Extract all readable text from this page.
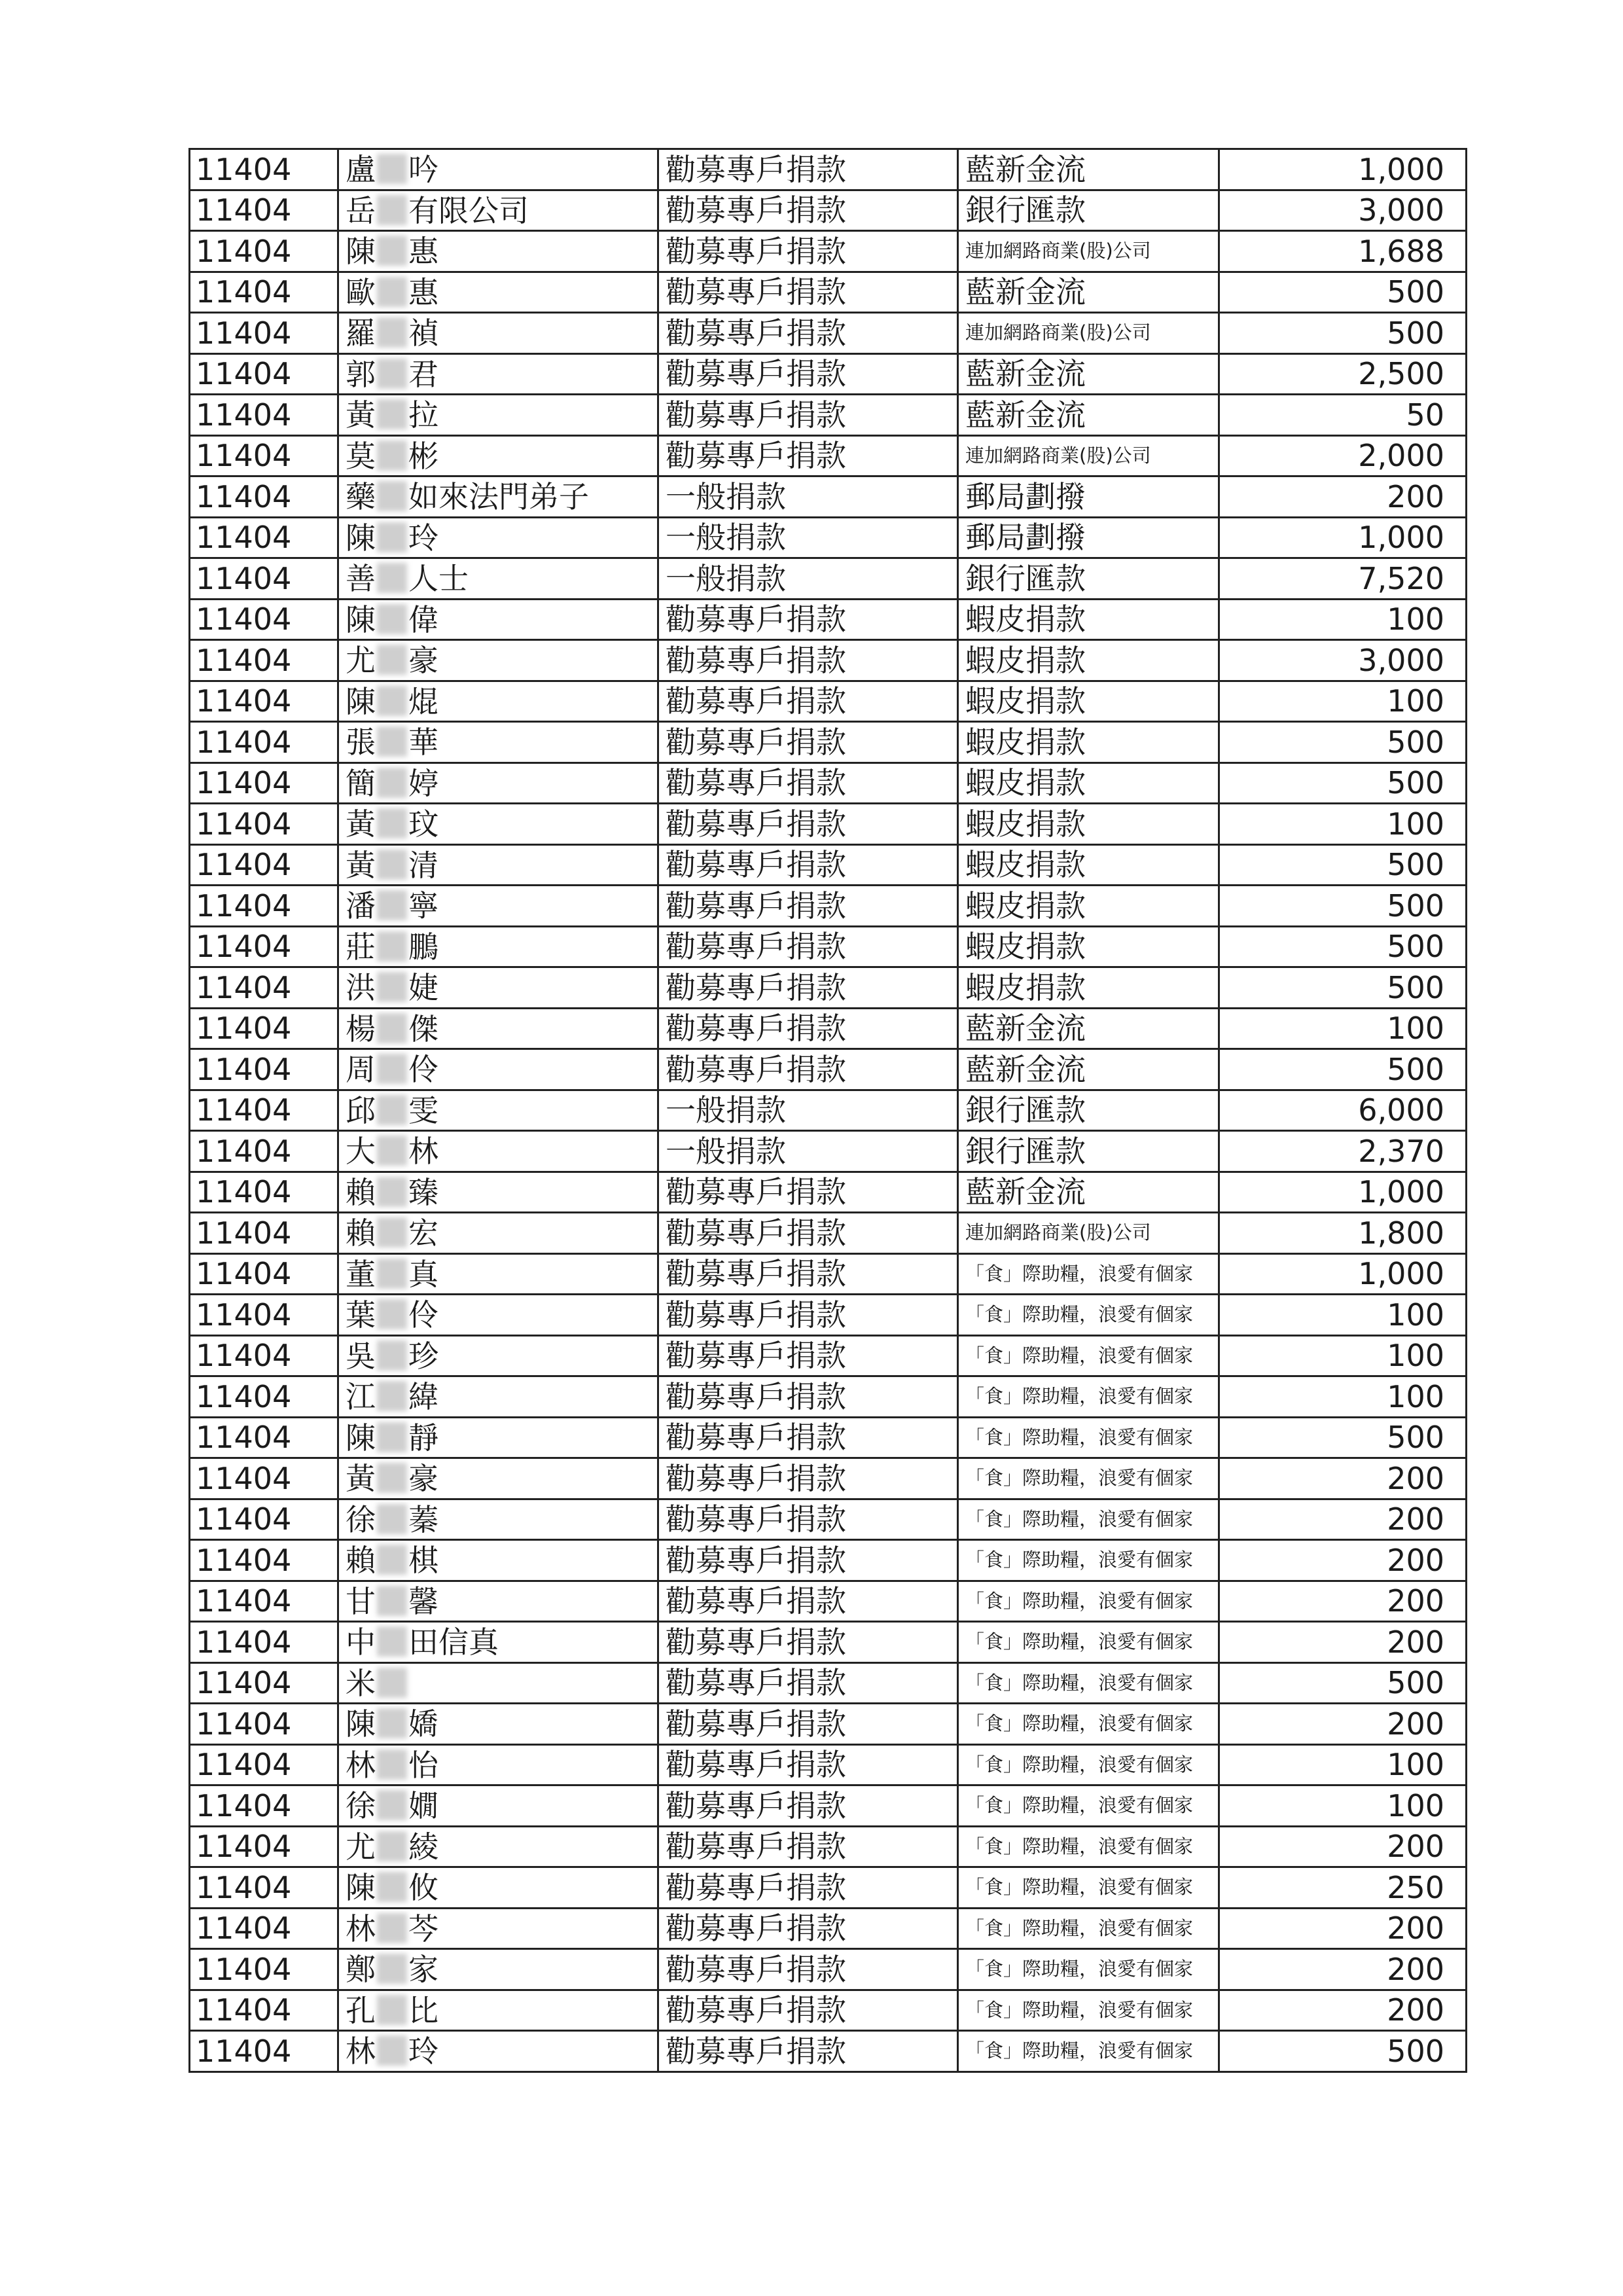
11404	盧 吟	勸募專戶捐款	藍新金流	1,000
11404	岳 有限公司	勸募專戶捐款	銀行匯款	3,000
11404	陳 惠	勸募專戶捐款	連加網路商業(股)公司	1,688
11404	歐 惠	勸募專戶捐款	藍新金流	500
11404	羅 禎	勸募專戶捐款	連加網路商業(股)公司	500
11404	郭 君	勸募專戶捐款	藍新金流	2,500
11404	黃 拉	勸募專戶捐款	藍新金流	50
11404	莫 彬	勸募專戶捐款	連加網路商業(股)公司	2,000
11404	藥 如來法門弟子	一般捐款	郵局劃撥	200
11404	陳 玲	一般捐款	郵局劃撥	1,000
11404	善 人士	一般捐款	銀行匯款	7,520
11404	陳 偉	勸募專戶捐款	蝦皮捐款	100
11404	尤 豪	勸募專戶捐款	蝦皮捐款	3,000
11404	陳 焜	勸募專戶捐款	蝦皮捐款	100
11404	張 華	勸募專戶捐款	蝦皮捐款	500
11404	簡 婷	勸募專戶捐款	蝦皮捐款	500
11404	黃 玟	勸募專戶捐款	蝦皮捐款	100
11404	黃 清	勸募專戶捐款	蝦皮捐款	500
11404	潘 寧	勸募專戶捐款	蝦皮捐款	500
11404	莊 鵬	勸募專戶捐款	蝦皮捐款	500
11404	洪 婕	勸募專戶捐款	蝦皮捐款	500
11404	楊 傑	勸募專戶捐款	藍新金流	100
11404	周 伶	勸募專戶捐款	藍新金流	500
11404	邱 雯	一般捐款	銀行匯款	6,000
11404	大 林	一般捐款	銀行匯款	2,370
11404	賴 臻	勸募專戶捐款	藍新金流	1,000
11404	賴 宏	勸募專戶捐款	連加網路商業(股)公司	1,800
11404	董 真	勸募專戶捐款	「食」際助糧，浪愛有個家	1,000
11404	葉 伶	勸募專戶捐款	「食」際助糧，浪愛有個家	100
11404	吳 珍	勸募專戶捐款	「食」際助糧，浪愛有個家	100
11404	江 緯	勸募專戶捐款	「食」際助糧，浪愛有個家	100
11404	陳 靜	勸募專戶捐款	「食」際助糧，浪愛有個家	500
11404	黃 豪	勸募專戶捐款	「食」際助糧，浪愛有個家	200
11404	徐 蓁	勸募專戶捐款	「食」際助糧，浪愛有個家	200
11404	賴 棋	勸募專戶捐款	「食」際助糧，浪愛有個家	200
11404	甘 馨	勸募專戶捐款	「食」際助糧，浪愛有個家	200
11404	中 田信真	勸募專戶捐款	「食」際助糧，浪愛有個家	200
11404	米	勸募專戶捐款	「食」際助糧，浪愛有個家	500
11404	陳 嬌	勸募專戶捐款	「食」際助糧，浪愛有個家	200
11404	林 怡	勸募專戶捐款	「食」際助糧，浪愛有個家	100
11404	徐 嫺	勸募專戶捐款	「食」際助糧，浪愛有個家	100
11404	尤 綾	勸募專戶捐款	「食」際助糧，浪愛有個家	200
11404	陳 攸	勸募專戶捐款	「食」際助糧，浪愛有個家	250
11404	林 芩	勸募專戶捐款	「食」際助糧，浪愛有個家	200
11404	鄭 家	勸募專戶捐款	「食」際助糧，浪愛有個家	200
11404	孔 比	勸募專戶捐款	「食」際助糧，浪愛有個家	200
11404	林 玲	勸募專戶捐款	「食」際助糧，浪愛有個家	500
